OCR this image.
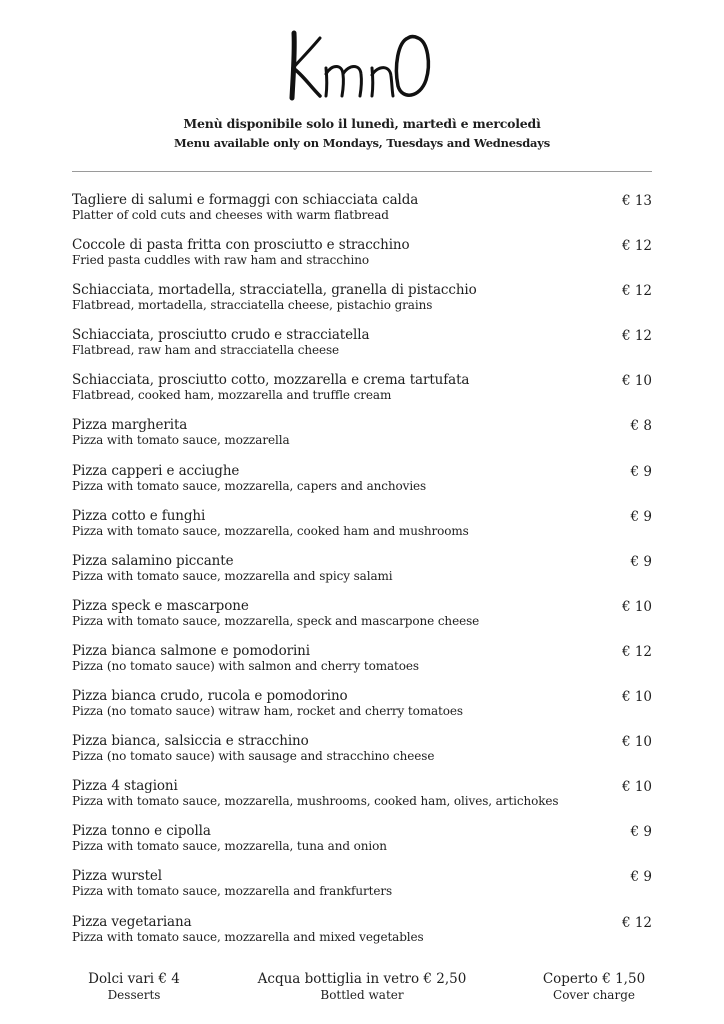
Menù disponibile solo il lunedì, martedì e mercoledì
Menu available only on Mondays, Tuesdays and Wednesdays
Tagliere di salumi e formaggi con schiacciata calda
Platter of cold cuts and cheeses with warm flatbread
€ 13
Coccole di pasta fritta con prosciutto e stracchino
Fried pasta cuddles with raw ham and stracchino
€ 12
Schiacciata, mortadella, stracciatella, granella di pistacchio
Flatbread, mortadella, stracciatella cheese, pistachio grains
€ 12
Schiacciata, prosciutto crudo e stracciatella
Flatbread, raw ham and stracciatella cheese
€ 12
Schiacciata, prosciutto cotto, mozzarella e crema tartufata
Flatbread, cooked ham, mozzarella and truffle cream
€ 10
Pizza margherita
Pizza with tomato sauce, mozzarella
€ 8
Pizza capperi e acciughe
Pizza with tomato sauce, mozzarella, capers and anchovies
€ 9
Pizza cotto e funghi
Pizza with tomato sauce, mozzarella, cooked ham and mushrooms
€ 9
Pizza salamino piccante
Pizza with tomato sauce, mozzarella and spicy salami
€ 9
Pizza speck e mascarpone
Pizza with tomato sauce, mozzarella, speck and mascarpone cheese
€ 10
Pizza bianca salmone e pomodorini
Pizza (no tomato sauce) with salmon and cherry tomatoes
€ 12
Pizza bianca crudo, rucola e pomodorino
Pizza (no tomato sauce) witraw ham, rocket and cherry tomatoes
€ 10
Pizza bianca, salsiccia e stracchino
Pizza (no tomato sauce) with sausage and stracchino cheese
€ 10
Pizza 4 stagioni
Pizza with tomato sauce, mozzarella, mushrooms, cooked ham, olives, artichokes
€ 10
Pizza tonno e cipolla
Pizza with tomato sauce, mozzarella, tuna and onion
€ 9
Pizza wurstel
Pizza with tomato sauce, mozzarella and frankfurters
€ 9
Pizza vegetariana
Pizza with tomato sauce, mozzarella and mixed vegetables
€ 12
Dolci vari € 4
Desserts
Acqua bottiglia in vetro € 2,50
Bottled water
Coperto € 1,50
Cover charge
